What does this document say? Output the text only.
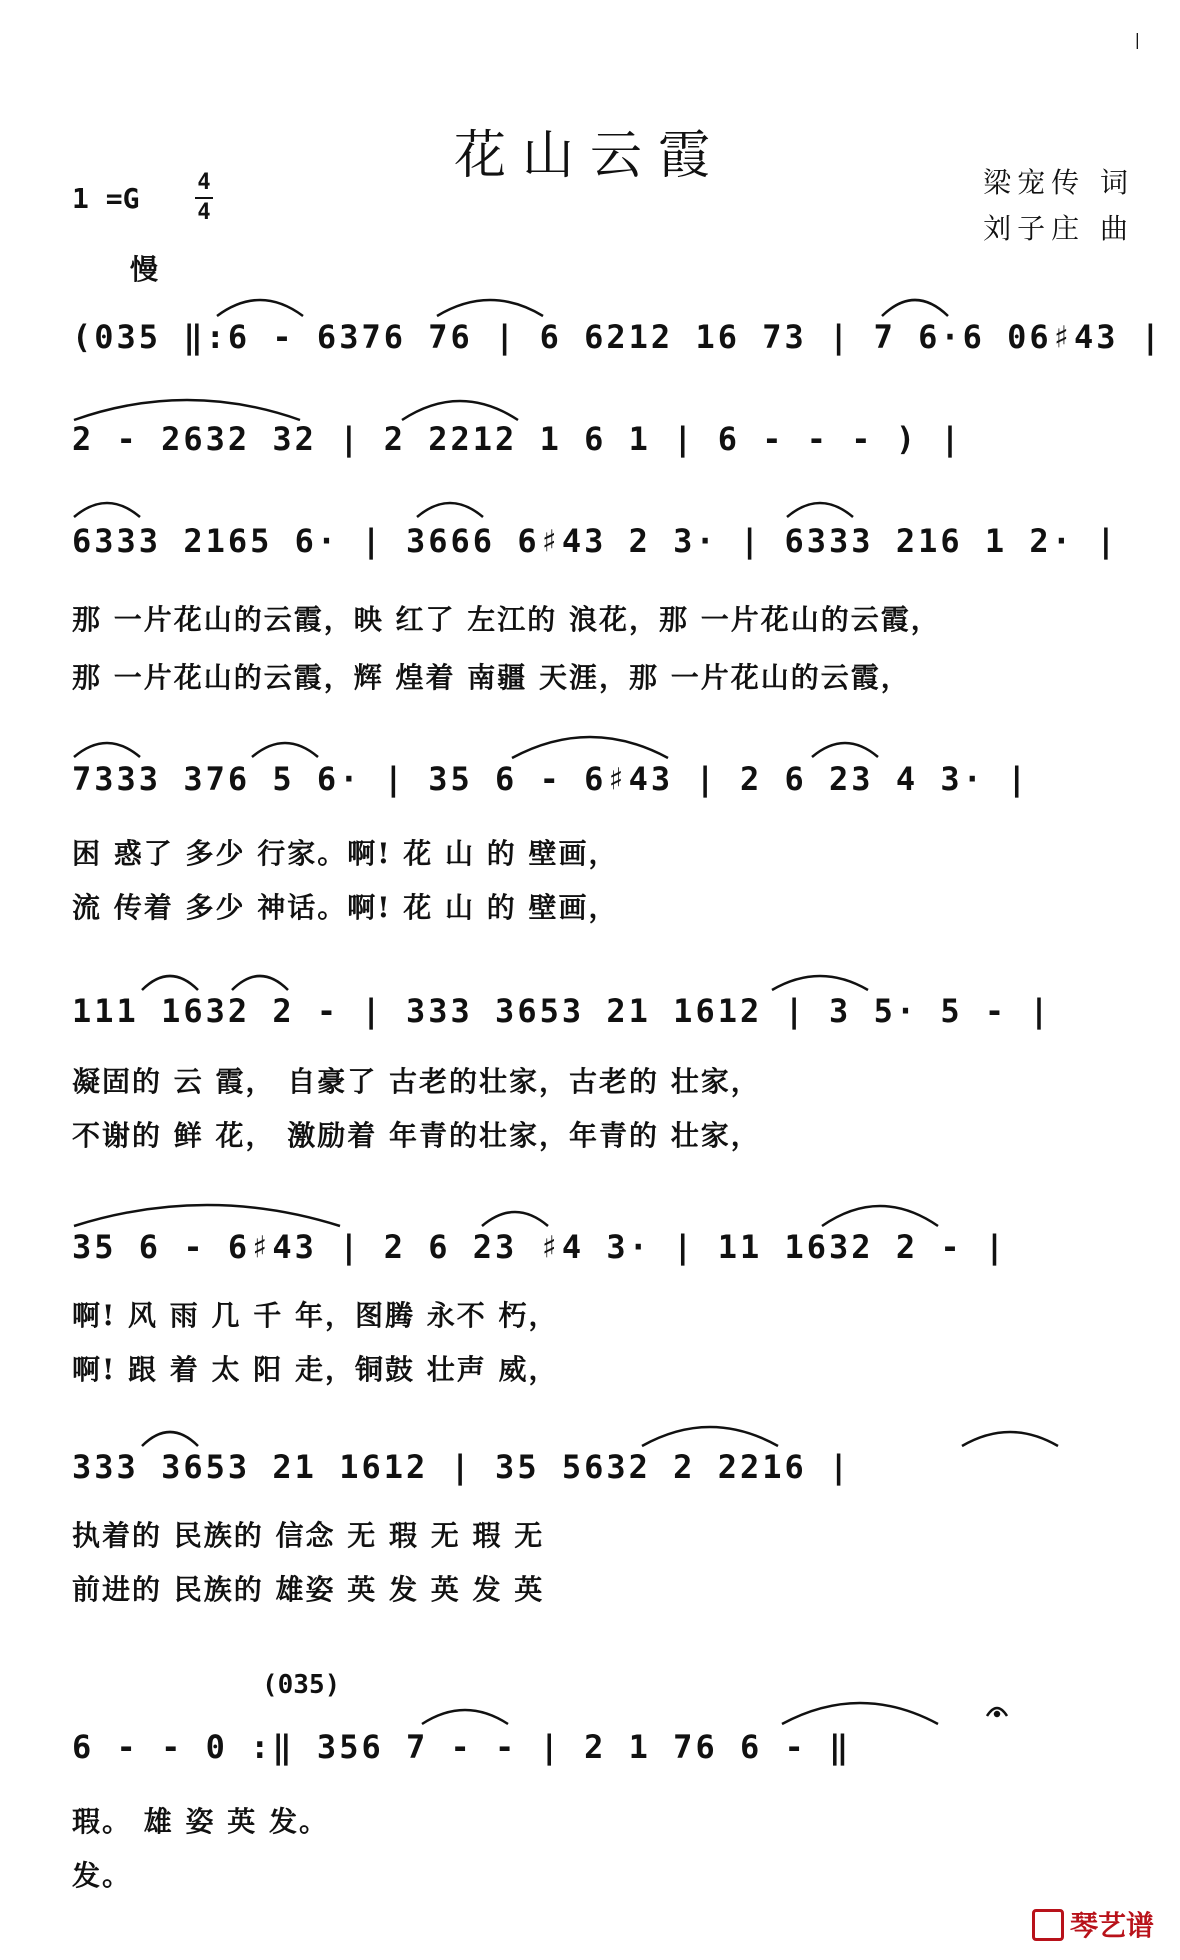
|
花山云霞	梁宠传 词
刘子庄 曲
1 =G	4
4
慢
(035 ‖:6 - 6376 76 | 6 6212 16 73 | 7 6·6 06♯43 |
2 - 2632 32 | 2 2212 1 6 1 | 6 - - - ) |
6333 2165 6· | 3666 6♯43 2 3· | 6333 216 1 2· |
那 一片花山的云霞，映 红了 左江的 浪花，那 一片花山的云霞，
那 一片花山的云霞，辉 煌着 南疆 天涯，那 一片花山的云霞，
7333 376 5 6· | 35 6 - 6♯43 | 2 6 23 4 3· |
困 惑了 多少 行家。啊! 花 山 的 壁画，
流 传着 多少 神话。啊! 花 山 的 壁画，
111 1632 2 - | 333 3653 21 1612 | 3 5· 5 - |
凝固的 云 霞， 自豪了 古老的壮家，古老的 壮家，
不谢的 鲜 花， 激励着 年青的壮家，年青的 壮家，
35 6 - 6♯43 | 2 6 23 ♯4 3· | 11 1632 2 - |
啊! 风 雨 几 千 年，图腾 永不 朽，
啊! 跟 着 太 阳 走，铜鼓 壮声 威，
333 3653 21 1612 | 35 5632 2 2216 |
执着的 民族的 信念 无 瑕 无 瑕 无
前进的 民族的 雄姿 英 发 英 发 英
(035)
6 - - 0 :‖ 356 7 - - | 2 1 76 6 - ‖
瑕。 雄 姿 英 发。
发。
琴艺谱
